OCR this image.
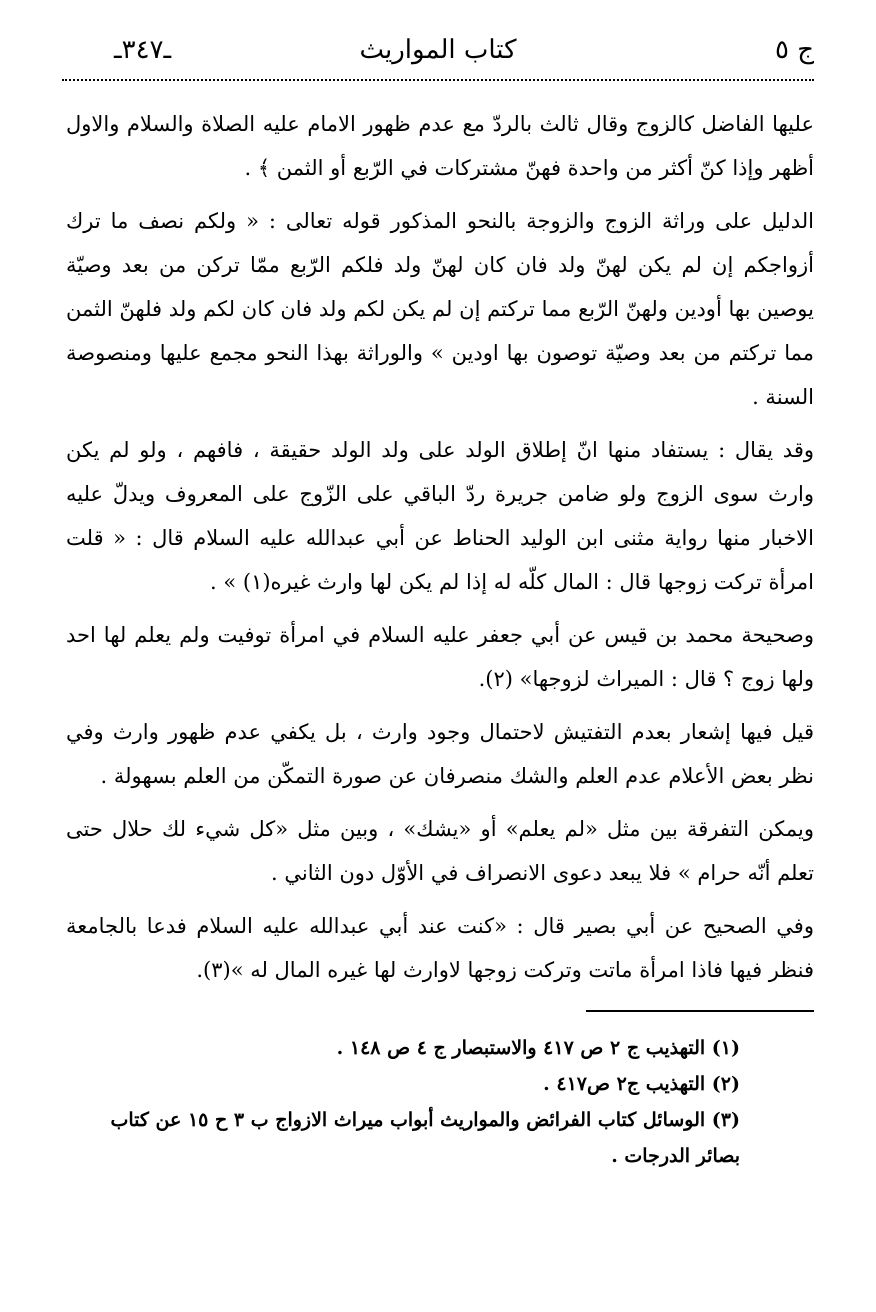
ج ٥
كتاب المواريث
ـ٣٤٧ـ

عليها الفاضل كالزوج وقال ثالث بالردّ مع عدم ظهور الامام عليه الصلاة والسلام والاول أظهر وإذا كنّ أكثر من واحدة فهنّ مشتركات في الرّبع أو الثمن ﴾ .

الدليل على وراثة الزوج والزوجة بالنحو المذكور قوله تعالى : « ولكم نصف ما ترك أزواجكم إن لم يكن لهنّ ولد فان كان لهنّ ولد فلكم الرّبع ممّا تركن من بعد وصيّة يوصين بها أودين ولهنّ الرّبع مما تركتم إن لم يكن لكم ولد فان كان لكم ولد فلهنّ الثمن مما تركتم من بعد وصيّة توصون بها اودين » والوراثة بهذا النحو مجمع عليها ومنصوصة السنة .

وقد يقال : يستفاد منها انّ إطلاق الولد على ولد الولد حقيقة ، فافهم ، ولو لم يكن وارث سوى الزوج ولو ضامن جريرة ردّ الباقي على الزّوج على المعروف ويدلّ عليه الاخبار منها رواية مثنى ابن الوليد الحناط عن أبي عبدالله عليه السلام قال : « قلت امرأة تركت زوجها قال : المال كلّه له إذا لم يكن لها وارث غيره(١) » .

وصحيحة محمد بن قيس عن أبي جعفر عليه السلام في امرأة توفيت ولم يعلم لها احد ولها زوج ؟ قال : الميراث لزوجها» (٢).

قيل فيها إشعار بعدم التفتيش لاحتمال وجود وارث ، بل يكفي عدم ظهور وارث وفي نظر بعض الأعلام عدم العلم والشك منصرفان عن صورة التمكّن من العلم بسهولة .

ويمكن التفرقة بين مثل «لم يعلم» أو «يشك» ، وبين مثل «كل شيء لك حلال حتى تعلم أنّه حرام » فلا يبعد دعوى الانصراف في الأوّل دون الثاني .

وفي الصحيح عن أبي بصير قال : «كنت عند أبي عبدالله عليه السلام فدعا بالجامعة فنظر فيها فاذا امرأة ماتت وتركت زوجها لاوارث لها غيره المال له »(٣).

(١) التهذيب ج ٢ ص ٤١٧ والاستبصار ج ٤ ص ١٤٨ .

(٢) التهذيب ج٢ ص٤١٧ .

(٣) الوسائل كتاب الفرائض والمواريث أبواب ميراث الازواج ب ٣ ح ١٥ عن كتاب بصائر الدرجات .
